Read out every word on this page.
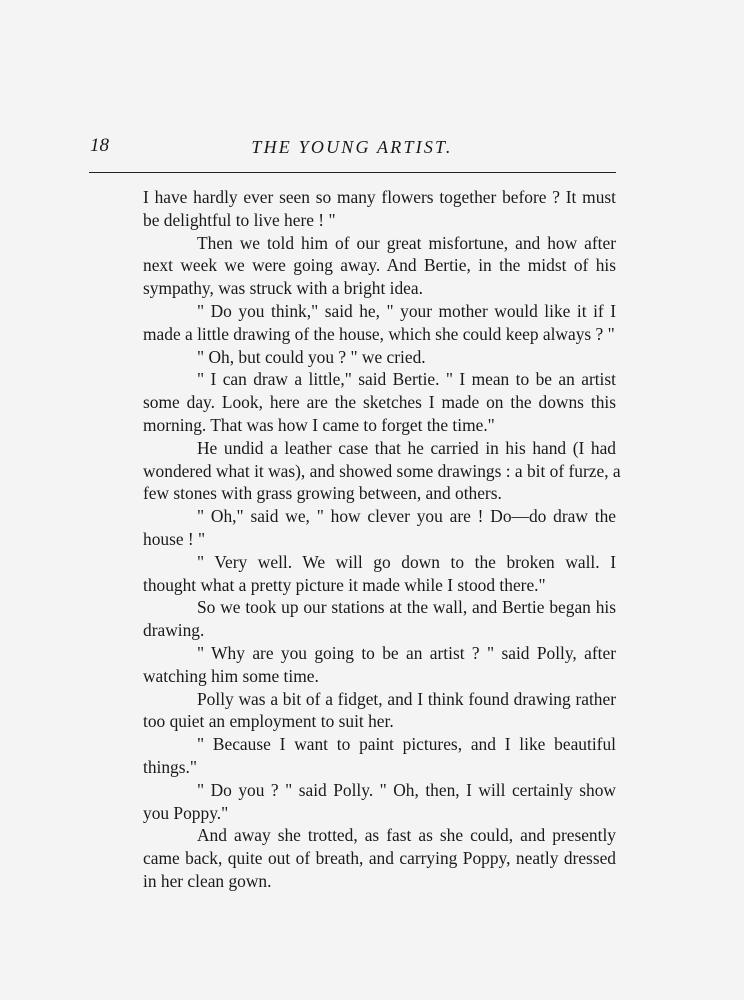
18	THE YOUNG ARTIST.
I have hardly ever seen so many flowers together before ? It must
be delightful to live here ! "
Then we told him of our great misfortune, and how after
next week we were going away. And Bertie, in the midst of his
sympathy, was struck with a bright idea.
" Do you think," said he, " your mother would like it if I
made a little drawing of the house, which she could keep always ? "
" Oh, but could you ? " we cried.
" I can draw a little," said Bertie. " I mean to be an artist
some day. Look, here are the sketches I made on the downs this
morning. That was how I came to forget the time."
He undid a leather case that he carried in his hand (I had
wondered what it was), and showed some drawings : a bit of furze, a
few stones with grass growing between, and others.
" Oh," said we, " how clever you are ! Do—do draw the
house ! "
" Very well. We will go down to the broken wall. I
thought what a pretty picture it made while I stood there."
So we took up our stations at the wall, and Bertie began his
drawing.
" Why are you going to be an artist ? " said Polly, after
watching him some time.
Polly was a bit of a fidget, and I think found drawing rather
too quiet an employment to suit her.
" Because I want to paint pictures, and I like beautiful
things."
" Do you ? " said Polly. " Oh, then, I will certainly show
you Poppy."
And away she trotted, as fast as she could, and presently
came back, quite out of breath, and carrying Poppy, neatly dressed
in her clean gown.
